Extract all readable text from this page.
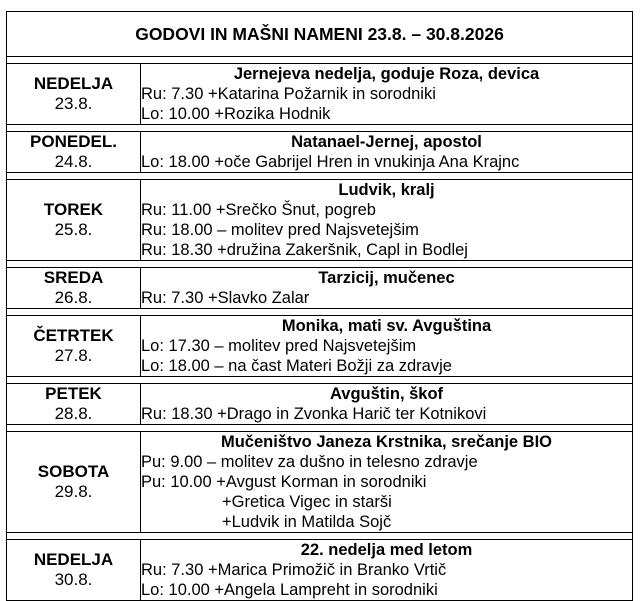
GODOVI IN MAŠNI NAMENI 23.8. – 30.8.2026	

NEDELJA
23.8.	Jernejeva nedelja, goduje Roza, devica
Ru: 7.30 +Katarina Požarnik in sorodniki
Lo: 10.00 +Rozika Hodnik

PONEDEL.
24.8.	Natanael-Jernej, apostol
Lo: 18.00 +oče Gabrijel Hren in vnukinja Ana Krajnc

TOREK
25.8.	Ludvik, kralj
Ru: 11.00 +Srečko Šnut, pogreb
Ru: 18.00 – molitev pred Najsvetejšim
Ru: 18.30 +družina Zakeršnik, Capl in Bodlej

SREDA
26.8.	Tarzicij, mučenec
Ru: 7.30 +Slavko Zalar

ČETRTEK
27.8.	Monika, mati sv. Avguština
Lo: 17.30 – molitev pred Najsvetejšim
Lo: 18.00 – na čast Materi Božji za zdravje

PETEK
28.8.	Avguštin, škof
Ru: 18.30 +Drago in Zvonka Harič ter Kotnikovi

SOBOTA
29.8.	Mučeništvo Janeza Krstnika, srečanje BIO
Pu: 9.00 – molitev za dušno in telesno zdravje
Pu: 10.00 +Avgust Korman in sorodniki
+Gretica Vigec in starši
+Ludvik in Matilda Sojč

NEDELJA
30.8.	22. nedelja med letom
Ru: 7.30 +Marica Primožič in Branko Vrtič
Lo: 10.00 +Angela Lampreht in sorodniki
